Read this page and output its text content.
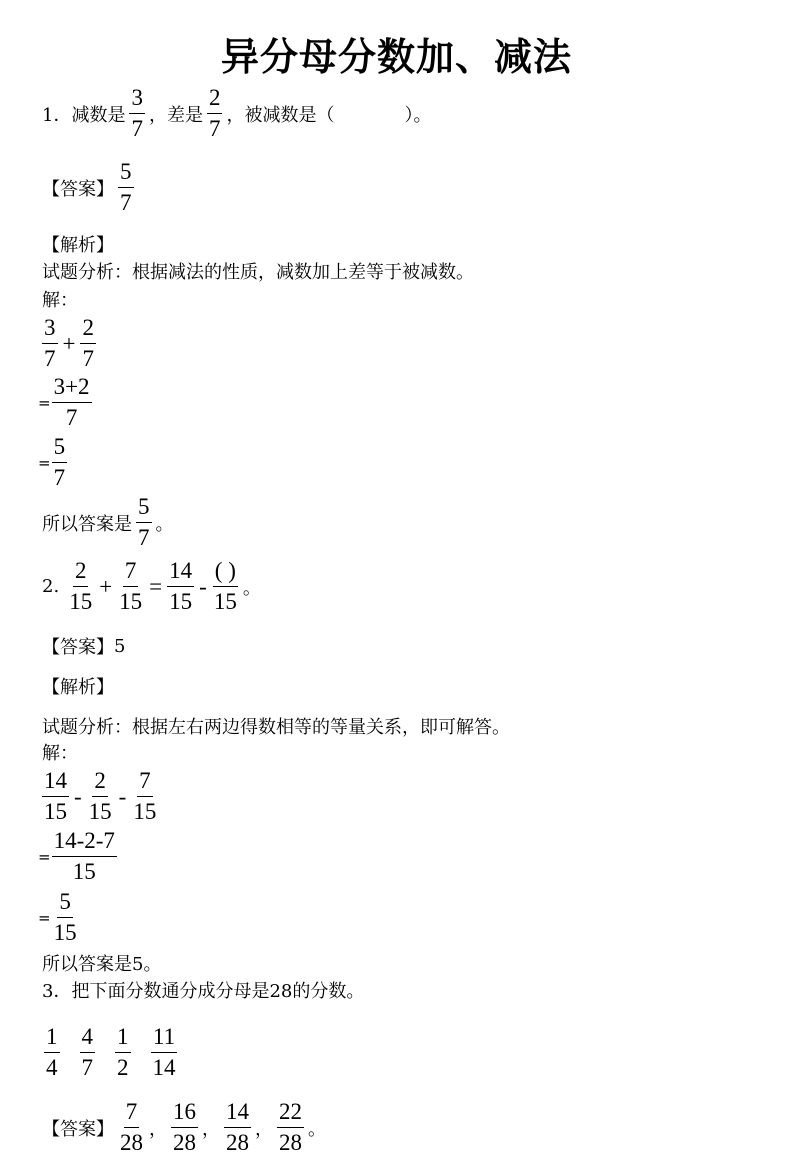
异分母分数加、减法
1． 减数是 $\frac{3}{7}$ ，差是 $\frac{2}{7}$ ，被减数是（	）。
【答案】 $\frac{5}{7}$
【解析】
试题分析：根据减法的性质，减数加上差等于被减数。
解：
$\frac{3}{7} + \frac{2}{7}$
= $\frac{3+2}{7}$
= $\frac{5}{7}$
所以答案是 $\frac{5}{7}$ 。
2. $\frac{2}{15} + \frac{7}{15} = \frac{14}{15} - \frac{( )}{15}$ 。
【答案】 5
【解析】
试题分析：根据左右两边得数相等的等量关系，即可解答。
解：
$\frac{14}{15} - \frac{2}{15} - \frac{7}{15}$
= $\frac{14-2-7}{15}$
= $\frac{5}{15}$
所以答案是5。
3．把下面分数通分成分母是28的分数。
$\frac{1}{4} \frac{4}{7} \frac{1}{2} \frac{11}{14}$
【答案】 $\frac{7}{28}$ ， $\frac{16}{28}$ ， $\frac{14}{28}$ ， $\frac{22}{28}$ 。
